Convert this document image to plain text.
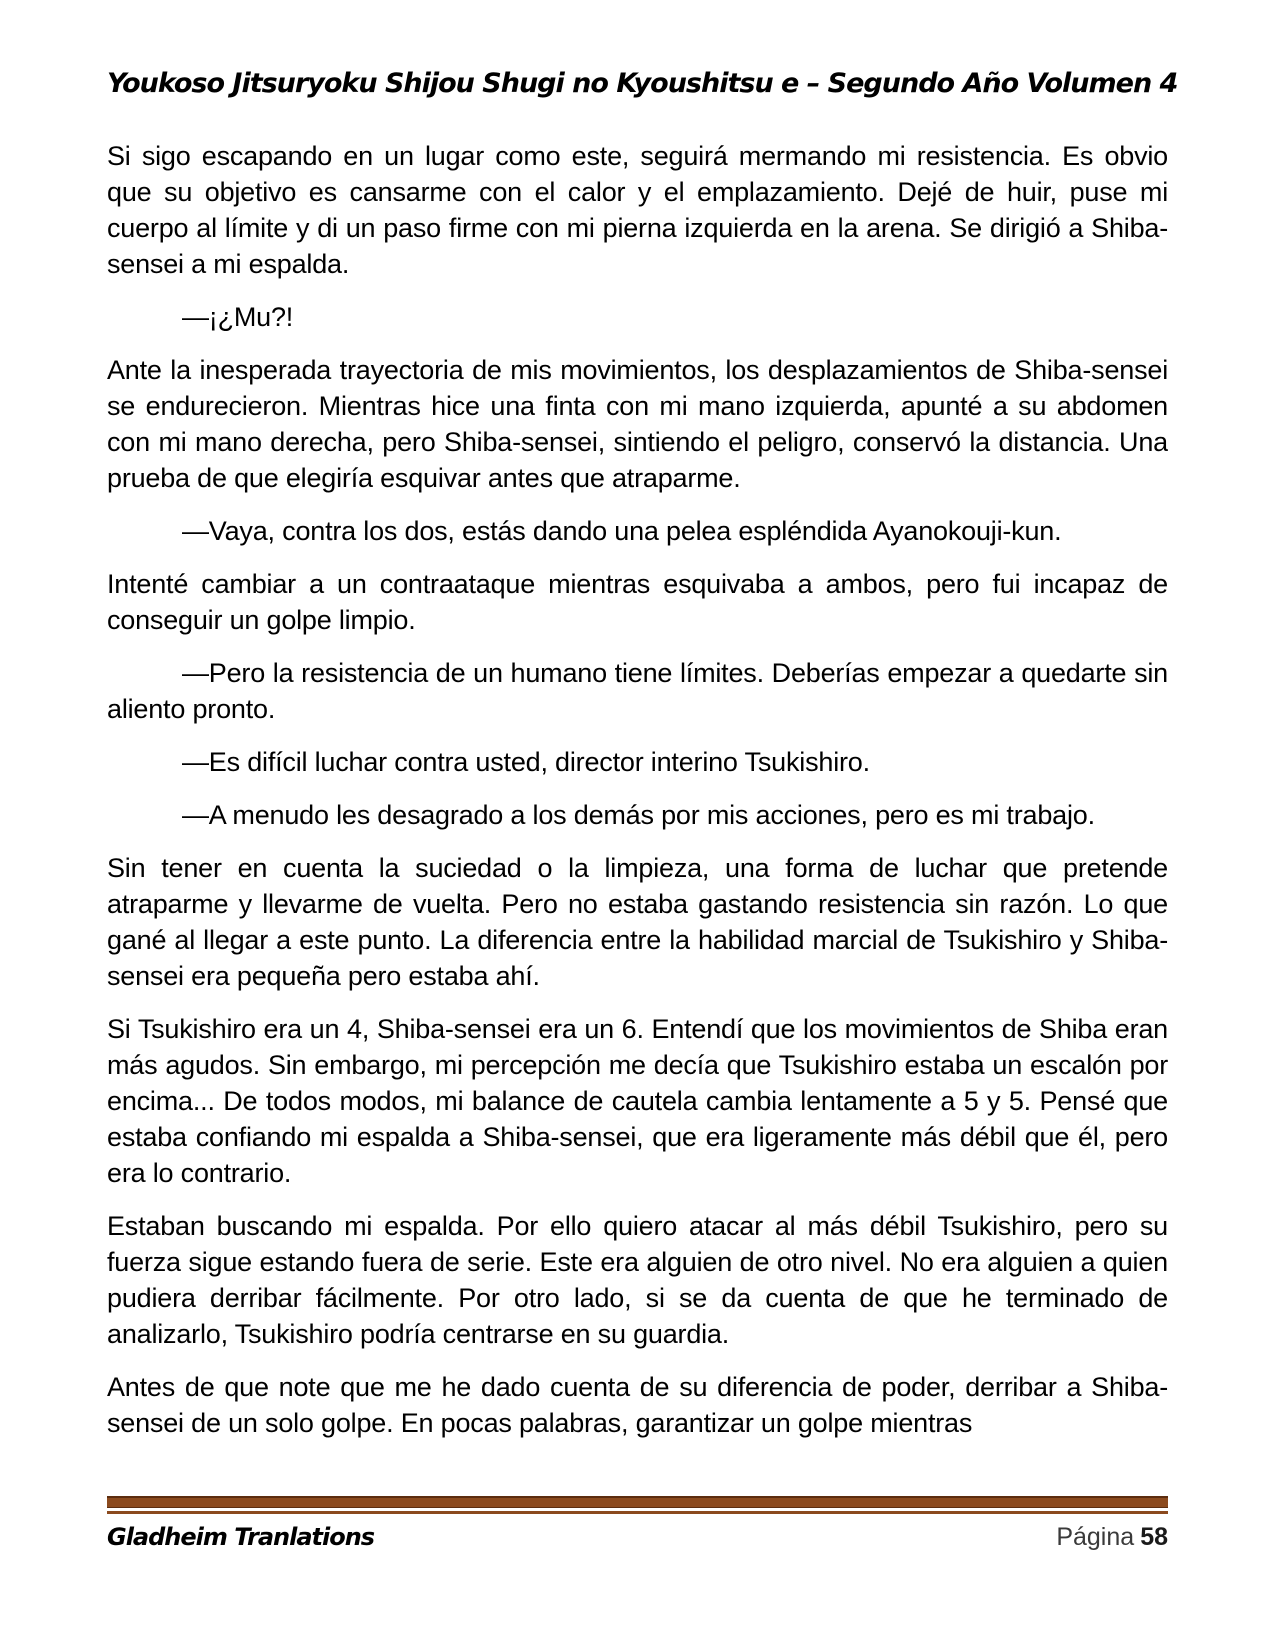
Youkoso Jitsuryoku Shijou Shugi no Kyoushitsu e – Segundo Año Volumen 4

Si sigo escapando en un lugar como este, seguirá mermando mi resistencia. Es obvio que su objetivo es cansarme con el calor y el emplazamiento. Dejé de huir, puse mi cuerpo al límite y di un paso firme con mi pierna izquierda en la arena. Se dirigió a Shiba-sensei a mi espalda.

—¡¿Mu?!

Ante la inesperada trayectoria de mis movimientos, los desplazamientos de Shiba-sensei se endurecieron. Mientras hice una finta con mi mano izquierda, apunté a su abdomen con mi mano derecha, pero Shiba-sensei, sintiendo el peligro, conservó la distancia. Una prueba de que elegiría esquivar antes que atraparme.

—Vaya, contra los dos, estás dando una pelea espléndida Ayanokouji-kun.

Intenté cambiar a un contraataque mientras esquivaba a ambos, pero fui incapaz de conseguir un golpe limpio.

—Pero la resistencia de un humano tiene límites. Deberías empezar a quedarte sin aliento pronto.

—Es difícil luchar contra usted, director interino Tsukishiro.

—A menudo les desagrado a los demás por mis acciones, pero es mi trabajo.

Sin tener en cuenta la suciedad o la limpieza, una forma de luchar que pretende atraparme y llevarme de vuelta. Pero no estaba gastando resistencia sin razón. Lo que gané al llegar a este punto. La diferencia entre la habilidad marcial de Tsukishiro y Shiba-sensei era pequeña pero estaba ahí.

Si Tsukishiro era un 4, Shiba-sensei era un 6. Entendí que los movimientos de Shiba eran más agudos. Sin embargo, mi percepción me decía que Tsukishiro estaba un escalón por encima... De todos modos, mi balance de cautela cambia lentamente a 5 y 5. Pensé que estaba confiando mi espalda a Shiba-sensei, que era ligeramente más débil que él, pero era lo contrario.

Estaban buscando mi espalda. Por ello quiero atacar al más débil Tsukishiro, pero su fuerza sigue estando fuera de serie. Este era alguien de otro nivel. No era alguien a quien pudiera derribar fácilmente. Por otro lado, si se da cuenta de que he terminado de analizarlo, Tsukishiro podría centrarse en su guardia.

Antes de que note que me he dado cuenta de su diferencia de poder, derribar a Shiba-sensei de un solo golpe. En pocas palabras, garantizar un golpe mientras

Gladheim Tranlations	Página 58
